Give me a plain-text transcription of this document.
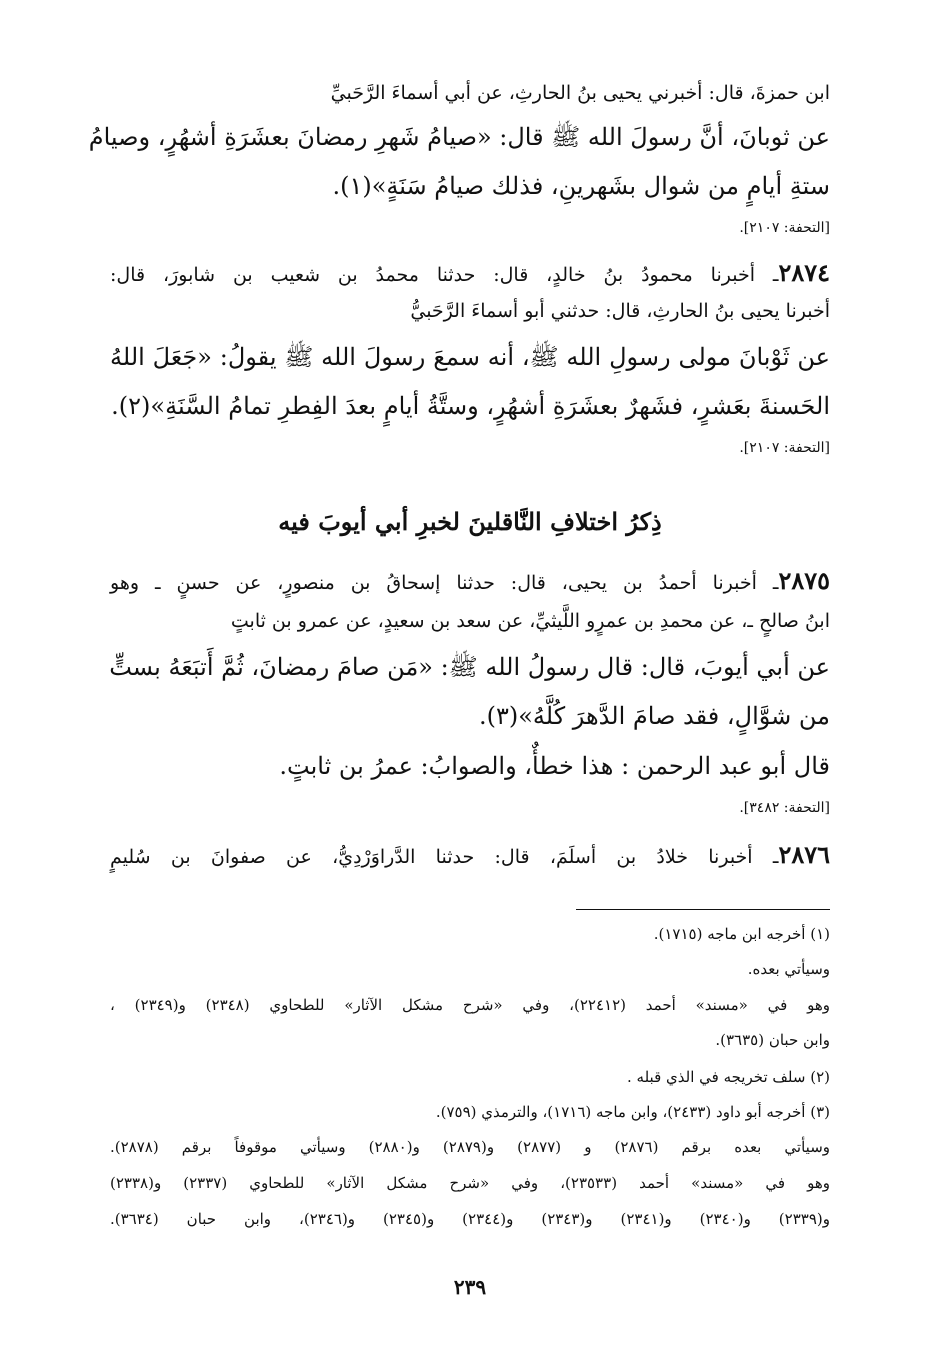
ابن حمزةَ، قال: أخبرني يحيى بنُ الحارثِ، عن أبي أسماءَ الرَّحَبيِّ
عن ثوبانَ، أنَّ رسولَ الله ﷺ قال: «صيامُ شَهرِ رمضانَ بعشَرَةِ أشهُرٍ، وصيامُ
ستةِ أيامٍ من شوال بشَهرينِ، فذلك صيامُ سَنَةٍ»(١).
[التحفة: ٢١٠٧].
٢٨٧٤ـ أخبرنا محمودُ بنُ خالدٍ، قال: حدثنا محمدُ بن شعيب بن شابورَ، قال:
أخبرنا يحيى بنُ الحارثِ، قال: حدثني أبو أسماءَ الرَّحَبيُّ
عن ثَوْبانَ مولى رسولِ الله ﷺ، أنه سمعَ رسولَ الله ﷺ يقولُ: «جَعَلَ اللهُ
الحَسنةَ بعَشرٍ، فشَهرٌ بعشَرَةِ أشهُرٍ، وستَّةُ أيامٍ بعدَ الفِطرِ تمامُ السَّنَةِ»(٢).
[التحفة: ٢١٠٧].
ذِكرُ اختلافِ النَّاقلينَ لخبرِ أبي أيوبَ فيه
٢٨٧٥ـ أخبرنا أحمدُ بن يحيى، قال: حدثنا إسحاقُ بن منصورٍ، عن حسنٍ ـ وهو
ابنُ صالحٍ ـ، عن محمدِ بن عمرٍو اللَّيثيِّ، عن سعد بن سعيدٍ، عن عمرو بن ثابتٍ
عن أبي أيوبَ، قال: قال رسولُ الله ﷺ: «مَن صامَ رمضانَ، ثُمَّ أَتبَعَهُ بستٍّ
من شوَّالٍ، فقد صامَ الدَّهرَ كُلَّهُ»(٣).
قال أبو عبد الرحمن : هذا خطأٌ، والصوابُ: عمرُ بن ثابتٍ.
[التحفة: ٣٤٨٢].
٢٨٧٦ـ أخبرنا خلادُ بن أسلَمَ، قال: حدثنا الدَّراوَرْدِيُّ، عن صفوانَ بن سُليمٍ
(١) أخرجه ابن ماجه (١٧١٥).
وسيأتي بعده.
وهو في «مسند» أحمد (٢٢٤١٢)، وفي «شرح مشكل الآثار» للطحاوي (٢٣٤٨) و(٢٣٤٩) ،
وابن حبان (٣٦٣٥).
(٢) سلف تخريجه في الذي قبله .
(٣) أخرجه أبو داود (٢٤٣٣)، وابن ماجه (١٧١٦)، والترمذي (٧٥٩).
وسيأتي بعده برقم (٢٨٧٦) و (٢٨٧٧) و(٢٨٧٩) و(٢٨٨٠) وسيأتي موقوفاً برقم (٢٨٧٨).
وهو في «مسند» أحمد (٢٣٥٣٣)، وفي «شرح مشكل الآثار» للطحاوي (٢٣٣٧) و(٢٣٣٨)
و(٢٣٣٩) و(٢٣٤٠) و(٢٣٤١) و(٢٣٤٣) و(٢٣٤٤) و(٢٣٤٥) و(٢٣٤٦)، وابن حبان (٣٦٣٤).
٢٣٩
